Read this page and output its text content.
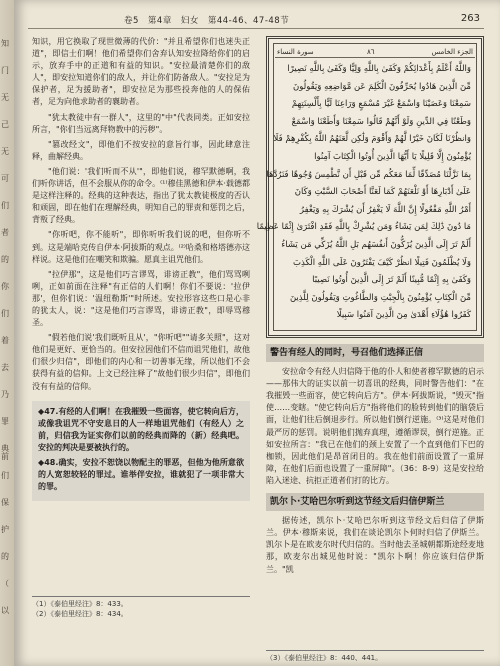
知
门
无
己
无
可
们
者
的
你
们
着
去
乃
罪
典前
们
保
护
的
（
以
卷5　第4章　妇女　第44-46、47-48节	263

知识，用它换取了现世微薄的代价："并且希望你们也迷失正道"，即信士们啊！他们希望你们舍弃认知安拉降给你们的启示，放弃手中的正道和有益的知识。"安拉最清楚你们的敌人"，即安拉知道你们的敌人，并让你们防备敌人。"安拉足为保护者，足为援助者"，即安拉足为那些投奔他的人的保佑者，足为向他求助者的襄助者。

"犹太教徒中有一群人"，这里的"中"代表同类。正如安拉所言，"你们当远离拜物教中的污秽"。

"篡改经文"，即他们不按安拉的意旨行事，因此肆意注释，曲解经典。

"他们说：'我们听而不从'"，即他们说，穆罕默德啊，我们听你讲话，但不会服从你的命令。⁽¹⁾穆佳黑德和伊本·载德都是这样注释的。经典的这种表达，指出了犹太教徒极度的否认和顽固，即在他们在理解经典，明知自己的罪责和惩罚之后，背叛了经典。

"你听吧，你不能听"，即你听听我们说的吧，但你听不到。这是端哈克传自伊本·阿拔斯的观点。⁽²⁾哈桑和格塔德亦这样说。这是他们在嘲笑和欺骗。愿真主诅咒他们。

"拉伊那"，这是他们巧言谬骂，诽谤正教"，他们骂骂咧咧，正如前面在注释"有正信的人们啊！你们不要说：'拉伊那'，但你们说：'温纽勒斯'"时所述。安拉形容这些口是心非的犹太人，说："这是他们巧言谬骂，诽谤正教"，即辱骂穆圣。

"假若他们说'我们既听且从'，"你听吧""请多关照"，这对他们是更好、更恰当的。但安拉因他们不信而诅咒他们，故他们很少归信"，即他们的内心和一切善事无缘，所以他们不会获得有益的信仰。上文已经注释了"故他们很少归信"，即他们没有有益的信仰。

◆47.有经的人们啊！在我摧毁一些面容，使它转向后方，或像我诅咒不守安息日的人一样地诅咒他们（有经人）之前，归信我为证实你们以前的经典而降的（新）经典吧。安拉的判决是要被执行的。

◆48.确实，安拉不恕饶以物配主的罪恶，但他为他所意欲的人宽恕较轻的罪过。谁举伴安拉，谁就犯了一项非常大的罪。

（1）《泰伯里经注》8：433。
（2）《泰伯里经注》8：434。
سورة النساء	٨٦	الجزء الخامس
وَاللَّهُ أَعْلَمُ بِأَعْدَائِكُمْ وَكَفَىٰ بِاللَّهِ وَلِيًّا وَكَفَىٰ بِاللَّهِ نَصِيرًا
مِّنَ الَّذِينَ هَادُوا يُحَرِّفُونَ الْكَلِمَ عَن مَّوَاضِعِهِ وَيَقُولُونَ
سَمِعْنَا وَعَصَيْنَا وَاسْمَعْ غَيْرَ مُسْمَعٍ وَرَاعِنَا لَيًّا بِأَلْسِنَتِهِمْ
وَطَعْنًا فِي الدِّينِ وَلَوْ أَنَّهُمْ قَالُوا سَمِعْنَا وَأَطَعْنَا وَاسْمَعْ
وَانظُرْنَا لَكَانَ خَيْرًا لَّهُمْ وَأَقْوَمَ وَلَٰكِن لَّعَنَهُمُ اللَّهُ بِكُفْرِهِمْ فَلَا
يُؤْمِنُونَ إِلَّا قَلِيلًا يَا أَيُّهَا الَّذِينَ أُوتُوا الْكِتَابَ آمِنُوا
بِمَا نَزَّلْنَا مُصَدِّقًا لِّمَا مَعَكُم مِّن قَبْلِ أَن نَّطْمِسَ وُجُوهًا فَنَرُدَّهَا
عَلَىٰ أَدْبَارِهَا أَوْ نَلْعَنَهُمْ كَمَا لَعَنَّا أَصْحَابَ السَّبْتِ وَكَانَ
أَمْرُ اللَّهِ مَفْعُولًا إِنَّ اللَّهَ لَا يَغْفِرُ أَن يُشْرَكَ بِهِ وَيَغْفِرُ
مَا دُونَ ذَٰلِكَ لِمَن يَشَاءُ وَمَن يُشْرِكْ بِاللَّهِ فَقَدِ افْتَرَىٰ إِثْمًا عَظِيمًا
أَلَمْ تَرَ إِلَى الَّذِينَ يُزَكُّونَ أَنفُسَهُم بَلِ اللَّهُ يُزَكِّي مَن يَشَاءُ
وَلَا يُظْلَمُونَ فَتِيلًا انظُرْ كَيْفَ يَفْتَرُونَ عَلَى اللَّهِ الْكَذِبَ
وَكَفَىٰ بِهِ إِثْمًا مُّبِينًا أَلَمْ تَرَ إِلَى الَّذِينَ أُوتُوا نَصِيبًا
مِّنَ الْكِتَابِ يُؤْمِنُونَ بِالْجِبْتِ وَالطَّاغُوتِ وَيَقُولُونَ لِلَّذِينَ
كَفَرُوا هَٰؤُلَاءِ أَهْدَىٰ مِنَ الَّذِينَ آمَنُوا سَبِيلًا
警告有经人的同时，号召他们选择正信

安拉命令有经人归信降于他的仆人和使者穆罕默德的启示——那伟大的证实以前一切喜讯的经典，同时警告他们："在我摧毁一些面容，使它转向后方"。伊本·阿拔斯说，"毁灭"指使……变瞎。"使它转向后方"指将他们的脸转到他们的脑袋后面，让他们往后倒退步行。所以他们倒行逆施。⁽³⁾这是对他们最严厉的惩罚。说明他们抛弃真理，遵循谬误，倒行逆施。正如安拉所言："我已在他们的颈上安置了一个直到他们下巴的枷锁，因此他们是昂首闭目的。我在他们前面设置了一重屏障，在他们后面也设置了一重屏障"。（36：8-9）这是安拉给陷入迷途、抗拒正道者们打的比方。

凯尔卜·艾哈巴尔听到这节经文后归信伊斯兰

据传述，凯尔卜·艾哈巴尔听到这节经文后归信了伊斯兰。伊本·穆斯来说，我们在谈论凯尔卜何时归信了伊斯兰。凯尔卜是在欧麦尔时代归信的。当时他去圣城朝都斯途经麦地那，欧麦尔出城见他时说："凯尔卜啊！你应该归信伊斯兰。"凯

（3）《泰伯里经注》8：440、441。
